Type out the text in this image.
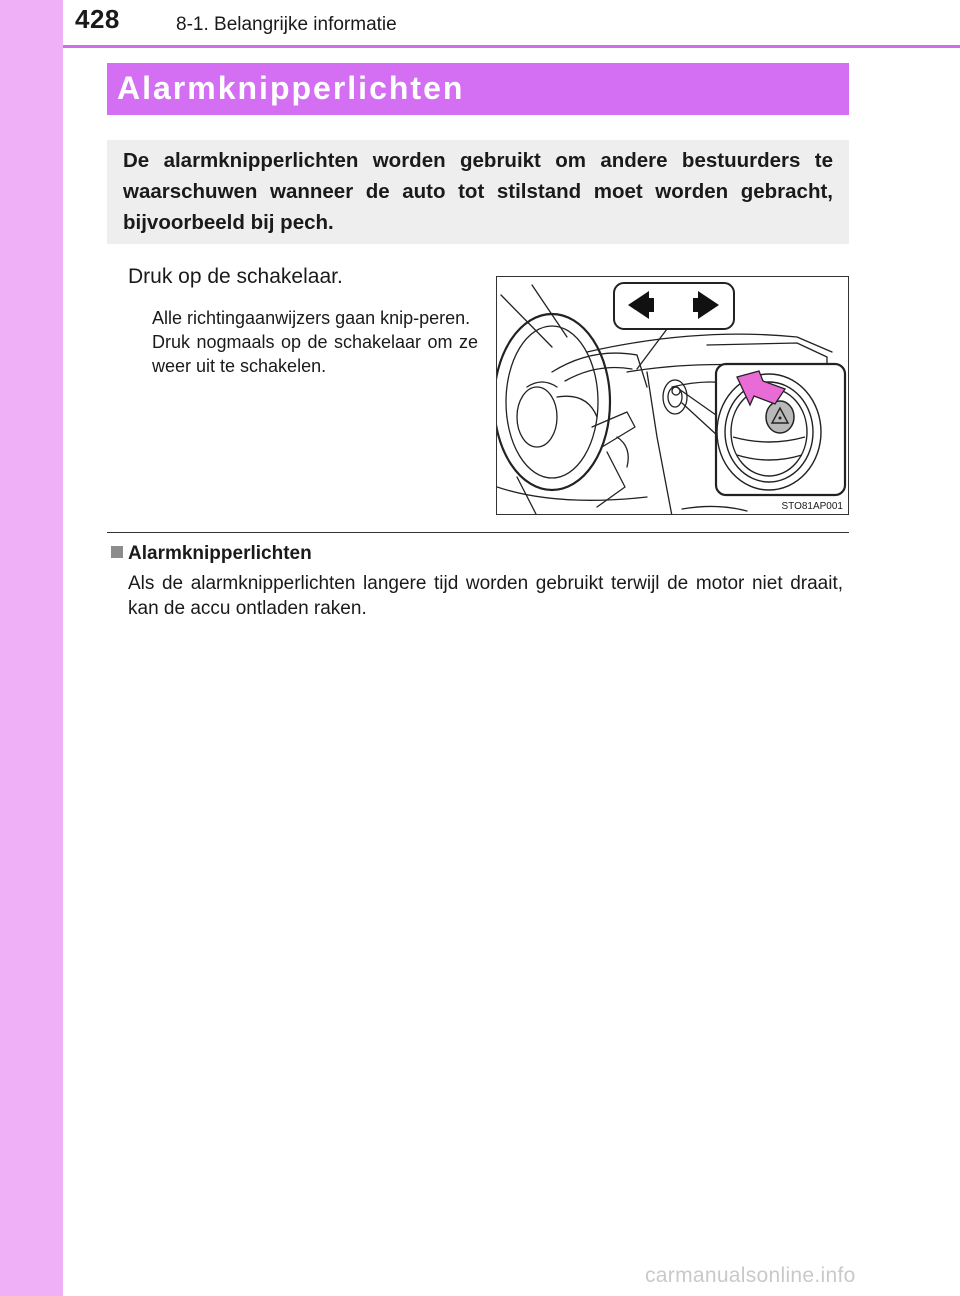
428	8-1. Belangrijke informatie
Alarmknipperlichten

De alarmknipperlichten worden gebruikt om andere bestuurders te waarschuwen wanneer de auto tot stilstand moet worden gebracht, bijvoorbeeld bij pech.

Druk op de schakelaar.
Alle richtingaanwijzers gaan knip-peren.
Druk nogmaals op de schakelaar om ze weer uit te schakelen.
STO81AP001
Alarmknipperlichten
Als de alarmknipperlichten langere tijd worden gebruikt terwijl de motor niet draait, kan de accu ontladen raken.
carmanualsonline.info
